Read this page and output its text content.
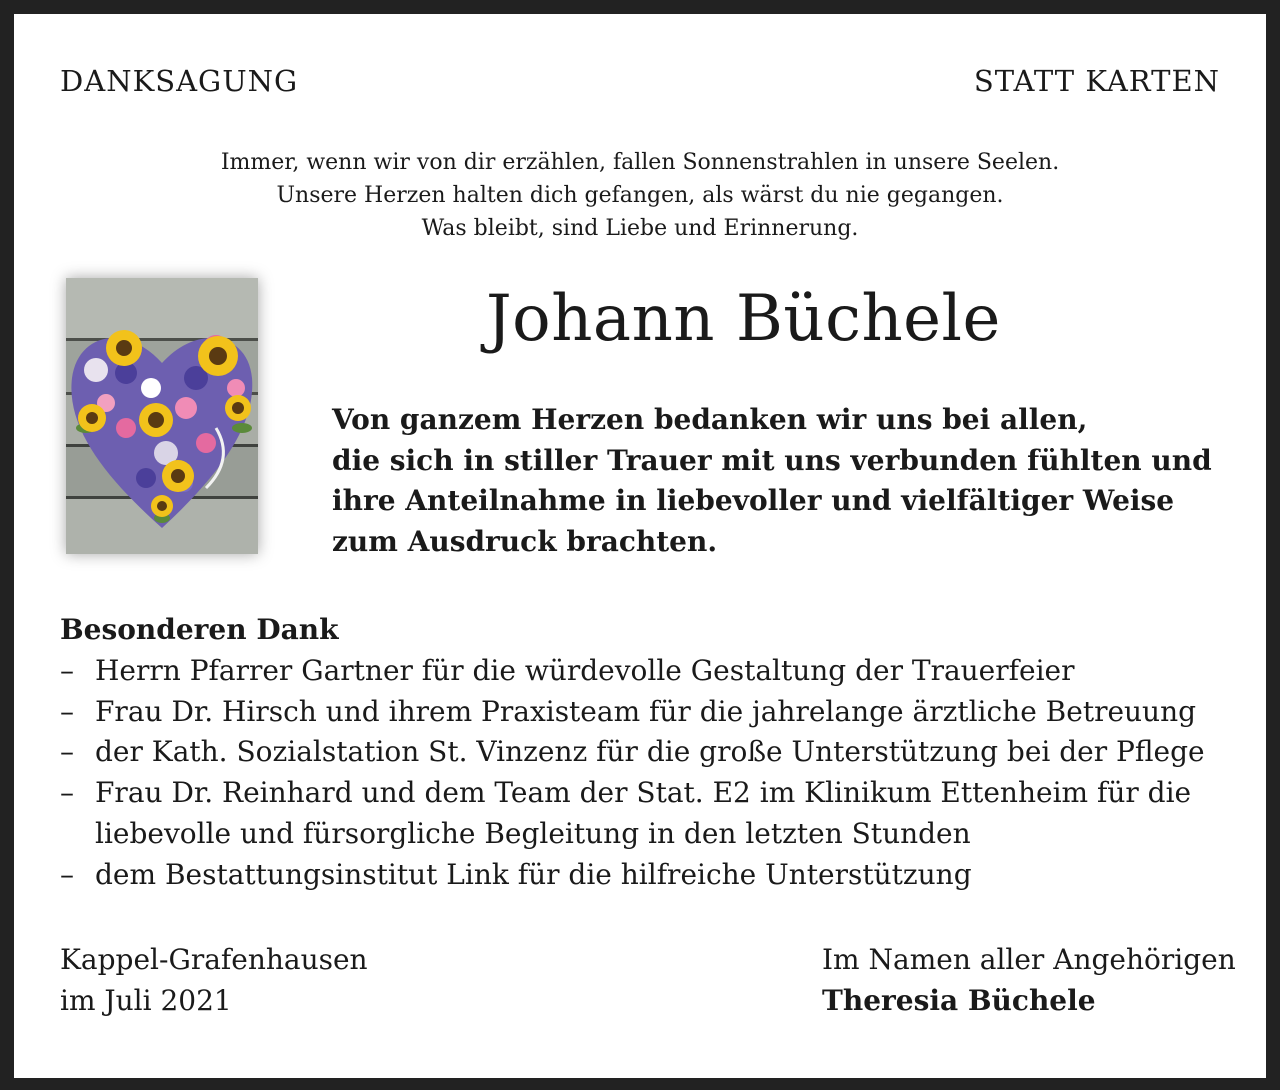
DANKSAGUNG	STATT KARTEN
Immer, wenn wir von dir erzählen, fallen Sonnenstrahlen in unsere Seelen.
Unsere Herzen halten dich gefangen, als wärst du nie gegangen.
Was bleibt, sind Liebe und Erinnerung.
Johann Büchele
Von ganzem Herzen bedanken wir uns bei allen,
die sich in stiller Trauer mit uns verbunden fühlten und
ihre Anteilnahme in liebevoller und vielfältiger Weise
zum Ausdruck brachten.
Besonderen Dank
– Herrn Pfarrer Gartner für die würdevolle Gestaltung der Trauerfeier
– Frau Dr. Hirsch und ihrem Praxisteam für die jahrelange ärztliche Betreuung
– der Kath. Sozialstation St. Vinzenz für die große Unterstützung bei der Pflege
– Frau Dr. Reinhard und dem Team der Stat. E2 im Klinikum Ettenheim für die
liebevolle und fürsorgliche Begleitung in den letzten Stunden
– dem Bestattungsinstitut Link für die hilfreiche Unterstützung
Kappel-Grafenhausen
im Juli 2021
Im Namen aller Angehörigen
Theresia Büchele
